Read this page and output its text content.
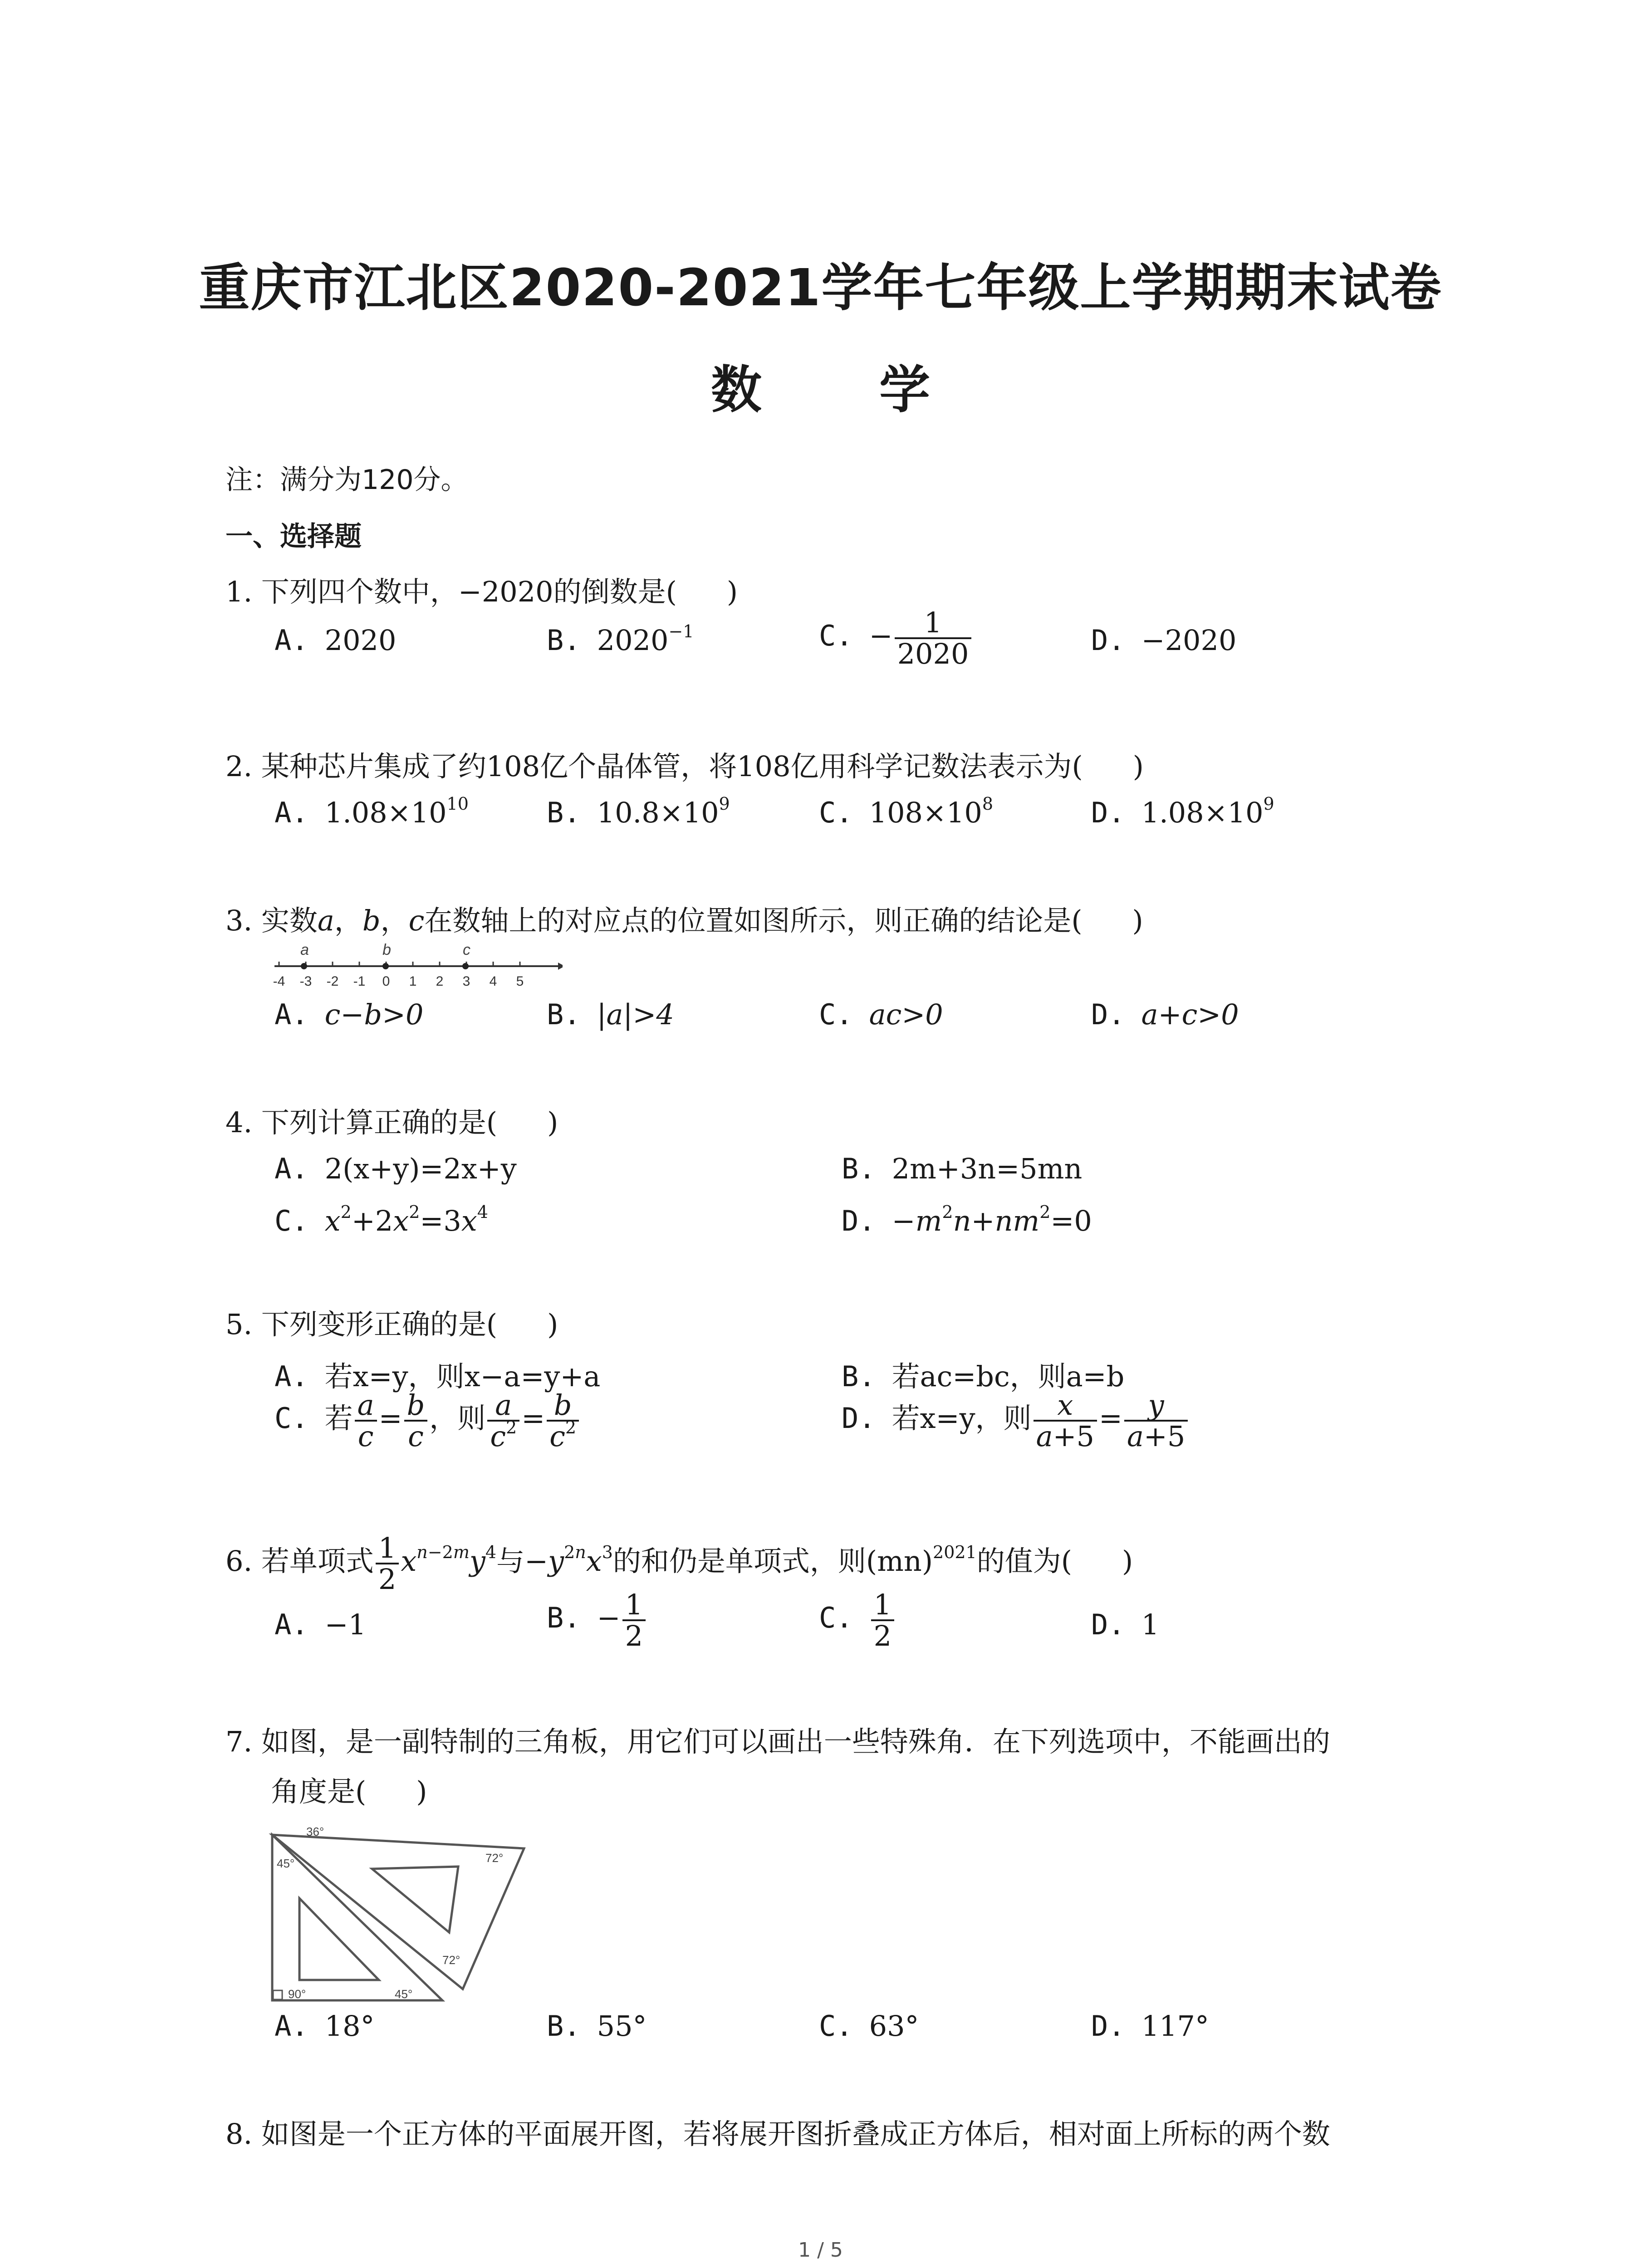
重庆市江北区2020-2021学年七年级上学期期末试卷
数 学
注：满分为120分。
一、选择题
1. 下列四个数中，−2020的倒数是( )
A. 2020	B. $2020^{-1}$	C. − $\frac{1}{2020}$	D. −2020
2. 某种芯片集成了约108亿个晶体管，将108亿用科学记数法表示为( )
A. $1.08\times 10^{10}$	B. $10.8\times 10^9$	C. $108\times 10^8$	D. $1.08\times 10^9$
3. 实数a，b，c在数轴上的对应点的位置如图所示，则正确的结论是( )
-4 -3 -2 -1 0 1 2 3 4 5
a	b	c
A. c−b>0	B. |a|>4	C. ac>0	D. a+c>0
4. 下列计算正确的是( )
A. 2(x+y)=2x+y	B. 2m+3n=5mn
C. $x^2+2x^2=3x^4$	D. $-m^2n+nm^2=0$
5. 下列变形正确的是( )
A. 若x=y，则x−a=y+a	B. 若ac=bc，则a=b
C. 若 $\frac{a}{c} = \frac{b}{c}$ ，则 $\frac{a}{c^2} = \frac{b}{c^2}$	D. 若x=y，则 $\frac{x}{a+5} = \frac{y}{a+5}$
6. 若单项式 $\frac{1}{2} x^{n-2m}y^4$与$-y^{2n}x^3$的和仍是单项式，则(mn)$^{2021}$的值为( )
A. −1	B. − $\frac{1}{2}$	C. $\frac{1}{2}$	D. 1
7. 如图，是一副特制的三角板，用它们可以画出一些特殊角．在下列选项中，不能画出的
角度是( )
36°
45°	72°
72°
90°	45°
A. 18°	B. 55°	C. 63°	D. 117°
8. 如图是一个正方体的平面展开图，若将展开图折叠成正方体后，相对面上所标的两个数
1 / 5
